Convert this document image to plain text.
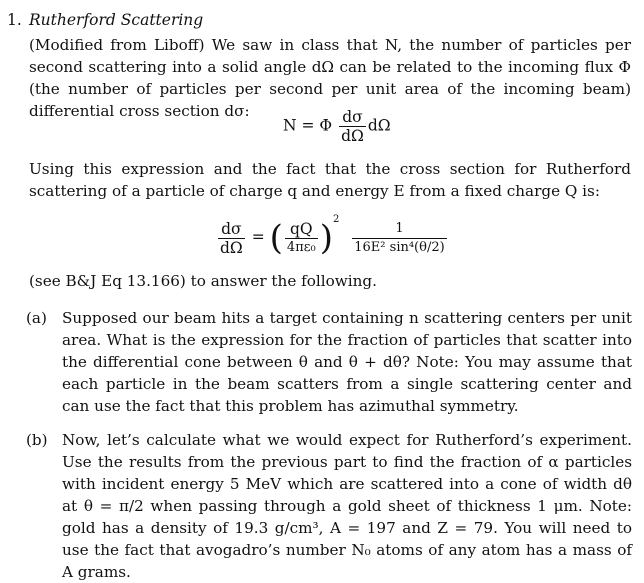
1. Rutherford Scattering
(Modified from Liboff) We saw in class that N, the number of particles per second scattering into a solid angle dΩ can be related to the incoming flux Φ (the number of particles per second per unit area of the incoming beam) differential cross section dσ:
N = Φ $\frac{d\sigma}{d\Omega}$ dΩ
Using this expression and the fact that the cross section for Rutherford scattering of a particle of charge q and energy E from a fixed charge Q is:
$\frac{d\sigma}{d\Omega}$ = ( $\frac{qQ}{\text{4πε₀}} )^2 \frac{1}{\text{16E² sin⁴(θ/2)}}$
(see B&J Eq 13.166) to answer the following.
(a) Supposed our beam hits a target containing n scattering centers per unit area. What is the expression for the fraction of particles that scatter into the differential cone between θ and θ + dθ? Note: You may assume that each particle in the beam scatters from a single scattering center and can use the fact that this problem has azimuthal symmetry.
(b) Now, let’s calculate what we would expect for Rutherford’s experiment. Use the results from the previous part to find the fraction of α particles with incident energy 5 MeV which are scattered into a cone of width dθ at θ = π/2 when passing through a gold sheet of thickness 1 μm. Note: gold has a density of 19.3 g/cm³, A = 197 and Z = 79. You will need to use the fact that avogadro’s number N₀ atoms of any atom has a mass of A grams.
